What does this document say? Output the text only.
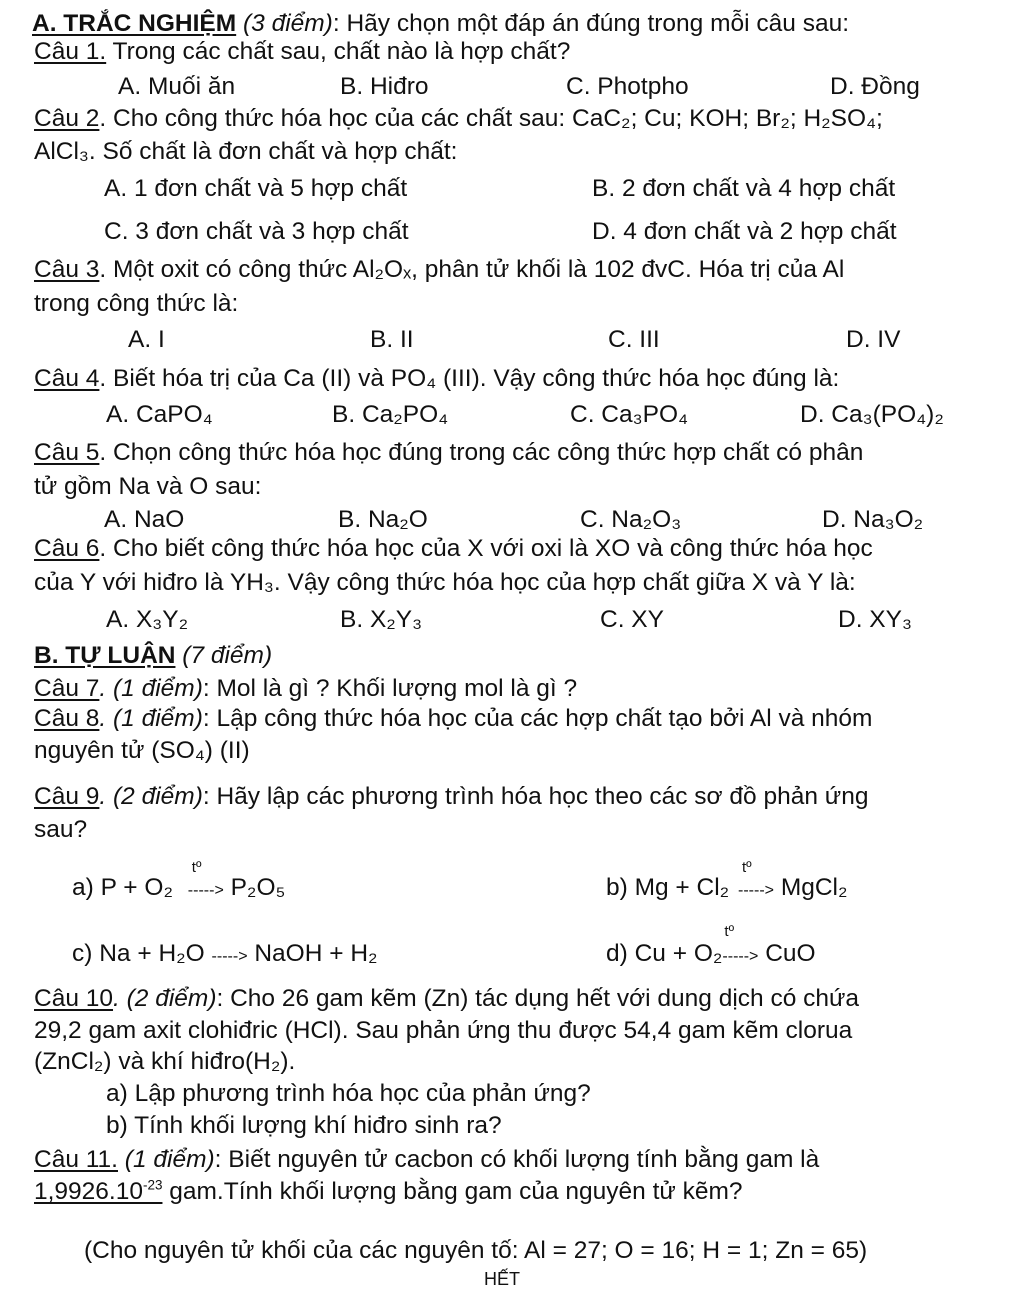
A. TRẮC NGHIỆM (3 điểm): Hãy chọn một đáp án đúng trong mỗi câu sau:
Câu 1. Trong các chất sau, chất nào là hợp chất?
A. Muối ăn	B. Hiđro	C. Photpho	D. Đồng
Câu 2. Cho công thức hóa học của các chất sau: CaC₂; Cu; KOH; Br₂; H₂SO₄;
AlCl₃. Số chất là đơn chất và hợp chất:
A. 1 đơn chất và 5 hợp chất	B. 2 đơn chất và 4 hợp chất
C. 3 đơn chất và 3 hợp chất	D. 4 đơn chất và 2 hợp chất
Câu 3. Một oxit có công thức Al₂Oₓ, phân tử khối là 102 đvC. Hóa trị của Al
trong công thức là:
A. I	B. II	C. III	D. IV
Câu 4. Biết hóa trị của Ca (II) và PO₄ (III). Vậy công thức hóa học đúng là:
A. CaPO₄	B. Ca₂PO₄	C. Ca₃PO₄	D. Ca₃(PO₄)₂
Câu 5. Chọn công thức hóa học đúng trong các công thức hợp chất có phân
tử gồm Na và O sau:
A. NaO	B. Na₂O	C. Na₂O₃	D. Na₃O₂
Câu 6. Cho biết công thức hóa học của X với oxi là XO và công thức hóa học
của Y với hiđro là YH₃. Vậy công thức hóa học của hợp chất giữa X và Y là:
A. X₃Y₂	B. X₂Y₃	C. XY	D. XY₃
B. TỰ LUẬN (7 điểm)
Câu 7. (1 điểm): Mol là gì ? Khối lượng mol là gì ?
Câu 8. (1 điểm): Lập công thức hóa học của các hợp chất tạo bởi Al và nhóm
nguyên tử (SO₄) (II)
Câu 9. (2 điểm): Hãy lập các phương trình hóa học theo các sơ đồ phản ứng
sau?
a) P + O₂
tº
-----> P₂O₅	b) Mg + Cl₂
tº
-----> MgCl₂
c) Na + H₂O -----> NaOH + H₂	d) Cu + O₂
tº
-----> CuO
Câu 10. (2 điểm): Cho 26 gam kẽm (Zn) tác dụng hết với dung dịch có chứa
29,2 gam axit clohiđric (HCl). Sau phản ứng thu được 54,4 gam kẽm clorua
(ZnCl₂) và khí hiđro(H₂).
a) Lập phương trình hóa học của phản ứng?
b) Tính khối lượng khí hiđro sinh ra?
Câu 11. (1 điểm): Biết nguyên tử cacbon có khối lượng tính bằng gam là
$1,9926.10^{-23}$ gam.Tính khối lượng bằng gam của nguyên tử kẽm?
(Cho nguyên tử khối của các nguyên tố: Al = 27; O = 16; H = 1; Zn = 65)
HẾT
